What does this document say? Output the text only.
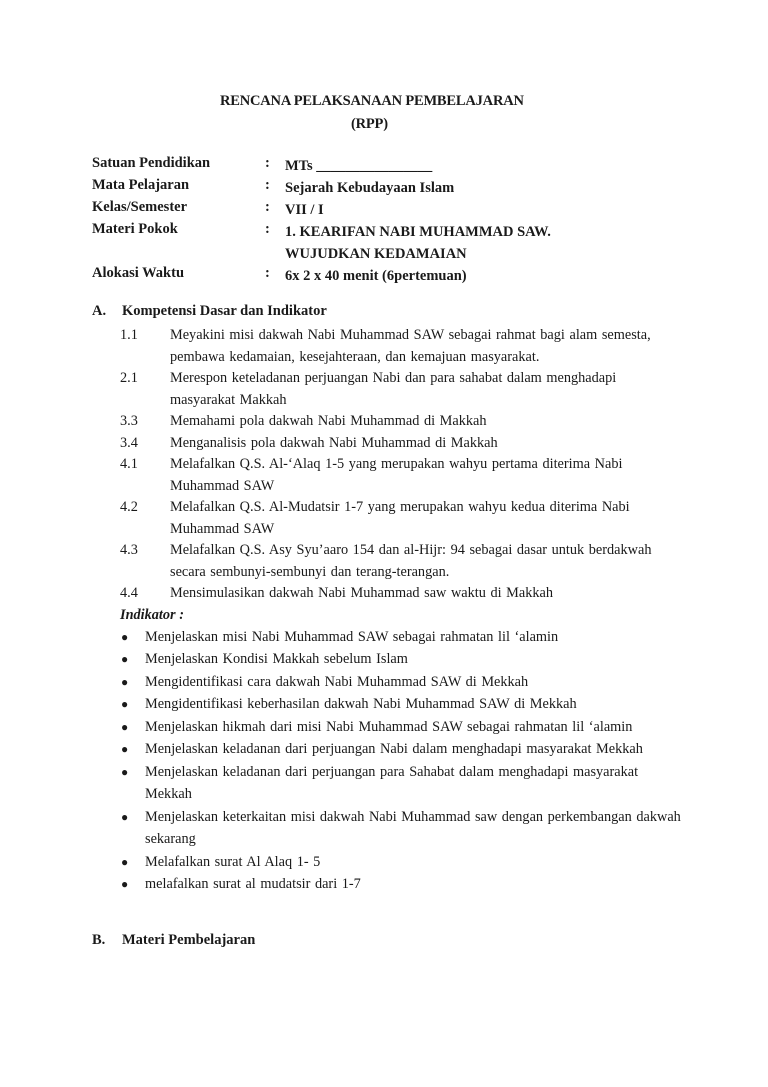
RENCANA PELAKSANAAN PEMBELAJARAN
(RPP)
Satuan Pendidikan	: MTs ________________
Mata Pelajaran	: Sejarah Kebudayaan Islam
Kelas/Semester	: VII / I
Materi Pokok	: 1. KEARIFAN NABI MUHAMMAD SAW.
WUJUDKAN KEDAMAIAN
Alokasi Waktu	: 6x 2 x 40 menit (6pertemuan)
A. Kompetensi Dasar dan Indikator
1.1 Meyakini misi dakwah Nabi Muhammad SAW sebagai rahmat bagi alam semesta, pembawa kedamaian, kesejahteraan, dan kemajuan masyarakat.
2.1 Merespon keteladanan perjuangan Nabi dan para sahabat dalam menghadapi masyarakat Makkah
3.3 Memahami pola dakwah Nabi Muhammad di Makkah
3.4 Menganalisis pola dakwah Nabi Muhammad di Makkah
4.1 Melafalkan Q.S. Al-‘Alaq 1-5 yang merupakan wahyu pertama diterima Nabi Muhammad SAW
4.2 Melafalkan Q.S. Al-Mudatsir 1-7 yang merupakan wahyu kedua diterima Nabi Muhammad SAW
4.3 Melafalkan Q.S. Asy Syu’aaro 154 dan al-Hijr: 94 sebagai dasar untuk berdakwah secara sembunyi-sembunyi dan terang-terangan.
4.4 Mensimulasikan dakwah Nabi Muhammad saw waktu di Makkah
Indikator :
● Menjelaskan misi Nabi Muhammad SAW sebagai rahmatan lil ‘alamin
● Menjelaskan Kondisi Makkah sebelum Islam
● Mengidentifikasi cara dakwah Nabi Muhammad SAW di Mekkah
● Mengidentifikasi keberhasilan dakwah Nabi Muhammad SAW di Mekkah
● Menjelaskan hikmah dari misi Nabi Muhammad SAW sebagai rahmatan lil ‘alamin
● Menjelaskan keladanan dari perjuangan Nabi dalam menghadapi masyarakat Mekkah
● Menjelaskan keladanan dari perjuangan para Sahabat dalam menghadapi masyarakat Mekkah
● Menjelaskan keterkaitan misi dakwah Nabi Muhammad saw dengan perkembangan dakwah sekarang
● Melafalkan surat Al Alaq 1- 5
● melafalkan surat al mudatsir dari 1-7
B. Materi Pembelajaran
